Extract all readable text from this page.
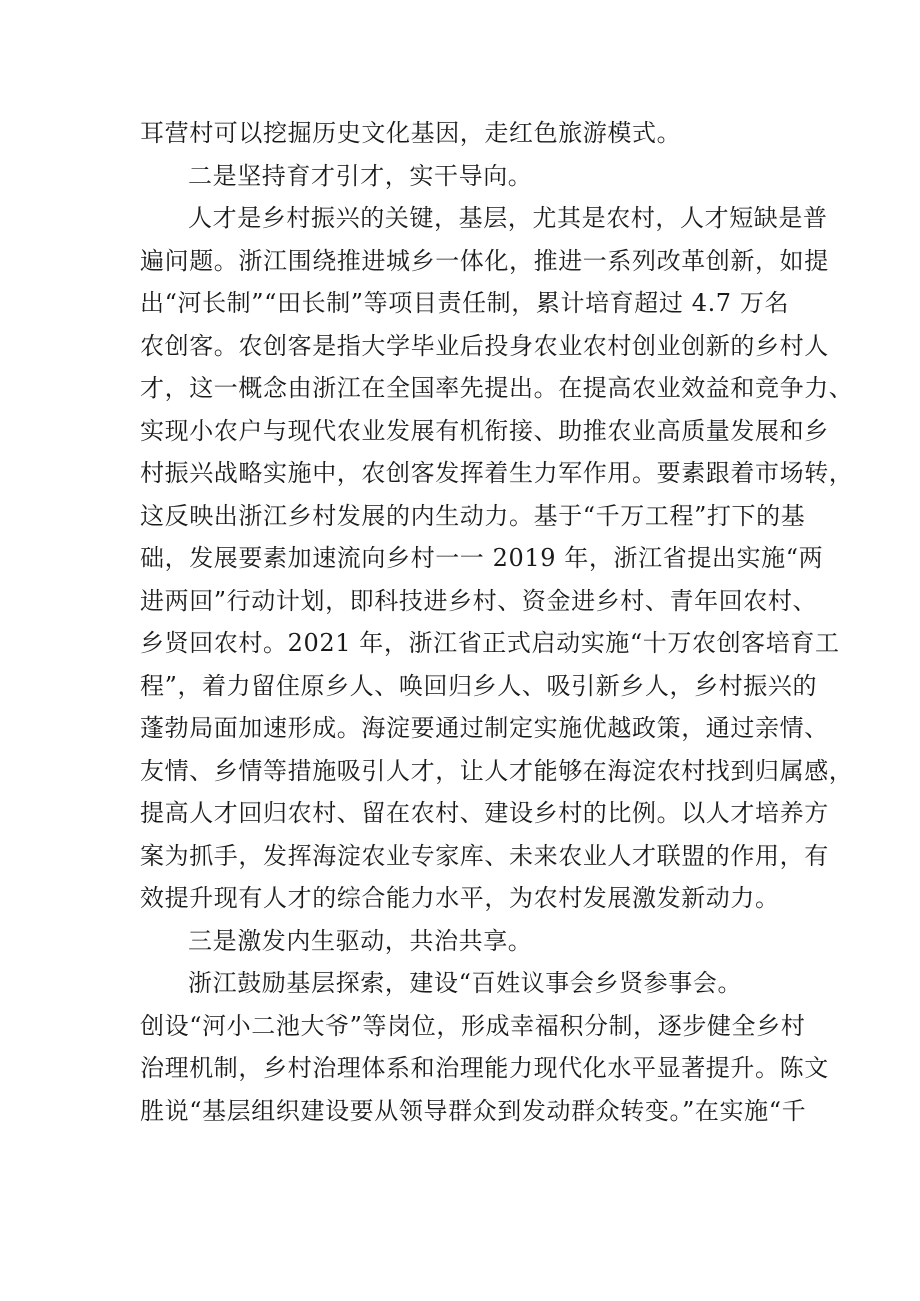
耳营村可以挖掘历史文化基因，走红色旅游模式。
二是坚持育才引才，实干导向。
人才是乡村振兴的关键，基层，尤其是农村，人才短缺是普
遍问题。浙江围绕推进城乡一体化，推进一系列改革创新，如提
出“河长制”“田长制”等项目责任制，累计培育超过 4.7 万名
农创客。农创客是指大学毕业后投身农业农村创业创新的乡村人
才，这一概念由浙江在全国率先提出。在提高农业效益和竞争力、
实现小农户与现代农业发展有机衔接、助推农业高质量发展和乡
村振兴战略实施中，农创客发挥着生力军作用。要素跟着市场转，
这反映出浙江乡村发展的内生动力。基于“千万工程”打下的基
础，发展要素加速流向乡村一一 2019 年，浙江省提出实施“两
进两回”行动计划，即科技进乡村、资金进乡村、青年回农村、
乡贤回农村。2021 年，浙江省正式启动实施“十万农创客培育工
程”，着力留住原乡人、唤回归乡人、吸引新乡人，乡村振兴的
蓬勃局面加速形成。海淀要通过制定实施优越政策，通过亲情、
友情、乡情等措施吸引人才，让人才能够在海淀农村找到归属感，
提高人才回归农村、留在农村、建设乡村的比例。以人才培养方
案为抓手，发挥海淀农业专家库、未来农业人才联盟的作用，有
效提升现有人才的综合能力水平，为农村发展激发新动力。
三是激发内生驱动，共治共享。
浙江鼓励基层探索，建设“百姓议事会乡贤参事会。
创设“河小二池大爷”等岗位，形成幸福积分制，逐步健全乡村
治理机制，乡村治理体系和治理能力现代化水平显著提升。陈文
胜说“基层组织建设要从领导群众到发动群众转变。”在实施“千
